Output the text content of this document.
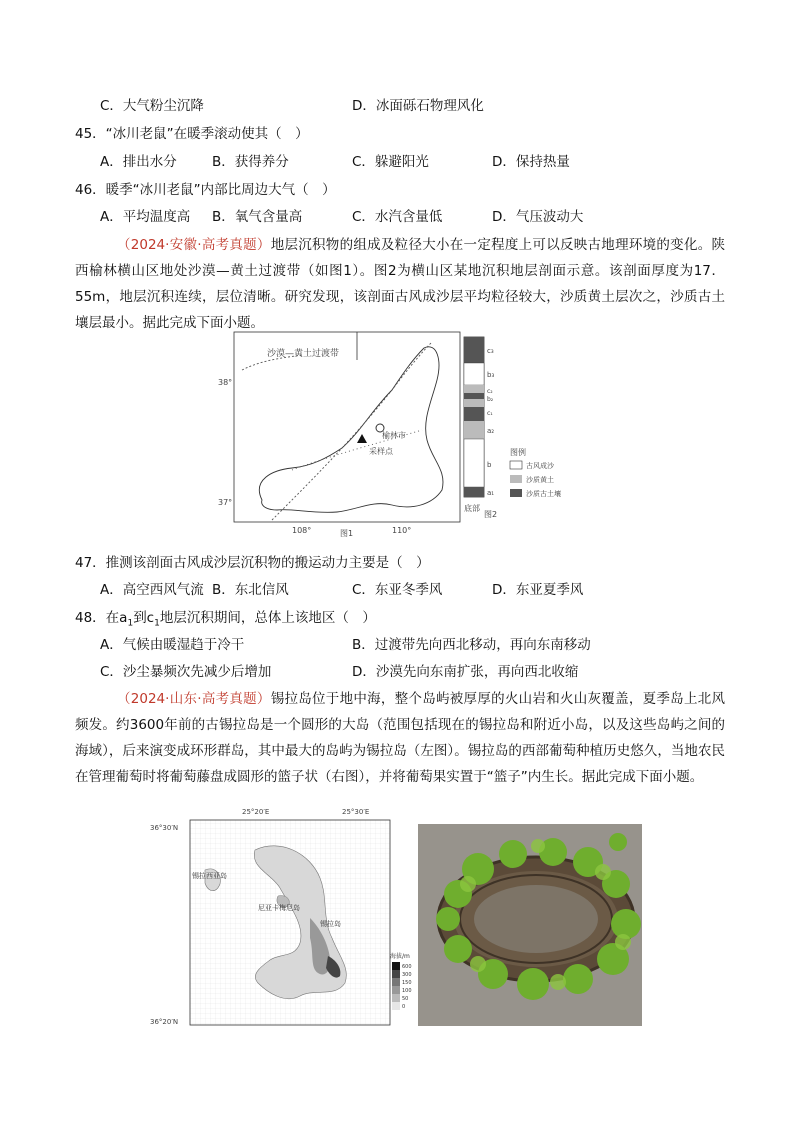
C．大气粉尘沉降	D．冰面砾石物理风化
45．“冰川老鼠”在暖季滚动使其（　）
A．排出水分	B．获得养分	C．躲避阳光	D．保持热量
46．暖季“冰川老鼠”内部比周边大气（　）
A．平均温度高 B．氧气含量高	C．水汽含量低	D．气压波动大
（2024·安徽·高考真题）地层沉积物的组成及粒径大小在一定程度上可以反映古地理环境的变化。陕西榆林横山区地处沙漠—黄土过渡带（如图1）。图2为横山区某地沉积地层剖面示意。该剖面厚度为17．55m，地层沉积连续，层位清晰。研究发现，该剖面古风成沙层平均粒径较大，沙质黄土层次之，沙质古土壤层最小。据此完成下面小题。
沙漠—黄土过渡带
榆林市
采样点
108°	110°
图1
38°
37°
c₃
b₃
c₂
b₂
c₁
a₂
b
a₁
底部
图例
古风成沙
沙质黄土
沙质古土壤
图2
47．推测该剖面古风成沙层沉积物的搬运动力主要是（　）
A．高空西风气流 B．东北信风	C．东亚冬季风	D．东亚夏季风
48．在$a_1$到$c_1$地层沉积期间，总体上该地区（　）
A．气候由暖湿趋于冷干	B．过渡带先向西北移动，再向东南移动
C．沙尘暴频次先减少后增加	D．沙漠先向东南扩张，再向西北收缩
（2024·山东·高考真题）锡拉岛位于地中海，整个岛屿被厚厚的火山岩和火山灰覆盖，夏季岛上北风频发。约3600年前的古锡拉岛是一个圆形的大岛（范围包括现在的锡拉岛和附近小岛，以及这些岛屿之间的海域），后来演变成环形群岛，其中最大的岛屿为锡拉岛（左图）。锡拉岛的西部葡萄种植历史悠久，当地农民在管理葡萄时将葡萄藤盘成圆形的篮子状（右图），并将葡萄果实置于“篮子”内生长。据此完成下面小题。
25°20′E	25°30′E
36°30′N
36°20′N
锡拉西亚岛
尼亚卡梅尼岛
锡拉岛
海拔/m
600
300
150
100
50
0
